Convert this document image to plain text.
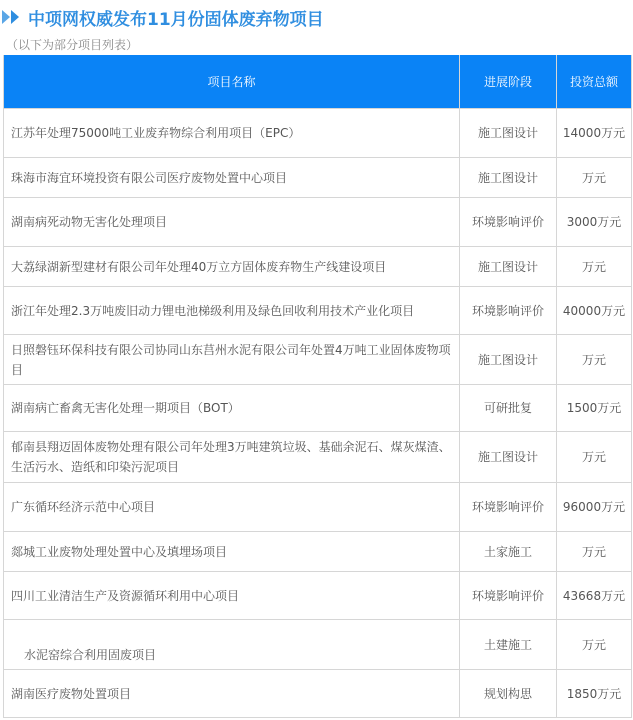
中项网权威发布11月份固体废弃物项目
（以下为部分项目列表）
项目名称	进展阶段	投资总额
江苏年处理75000吨工业废弃物综合利用项目（EPC）	施工图设计	14000万元
珠海市海宜环境投资有限公司医疗废物处置中心项目	施工图设计	万元
湖南病死动物无害化处理项目	环境影响评价	3000万元
大荔绿湖新型建材有限公司年处理40万立方固体废弃物生产线建设项目	施工图设计	万元
浙江年处理2.3万吨废旧动力锂电池梯级利用及绿色回收利用技术产业化项目	环境影响评价	40000万元
日照磐钰环保科技有限公司协同山东莒州水泥有限公司年处置4万吨工业固体废物项目	施工图设计	万元
湖南病亡畜禽无害化处理一期项目（BOT）	可研批复	1500万元
郁南县翔迈固体废物处理有限公司年处理3万吨建筑垃圾、基础余泥石、煤灰煤渣、生活污水、造纸和印染污泥项目	施工图设计	万元
广东循环经济示范中心项目	环境影响评价	96000万元
郯城工业废物处理处置中心及填埋场项目	土家施工	万元
四川工业清洁生产及资源循环利用中心项目	环境影响评价	43668万元
水泥窑综合利用固废项目	土建施工	万元
湖南医疗废物处置项目	规划构思	1850万元
